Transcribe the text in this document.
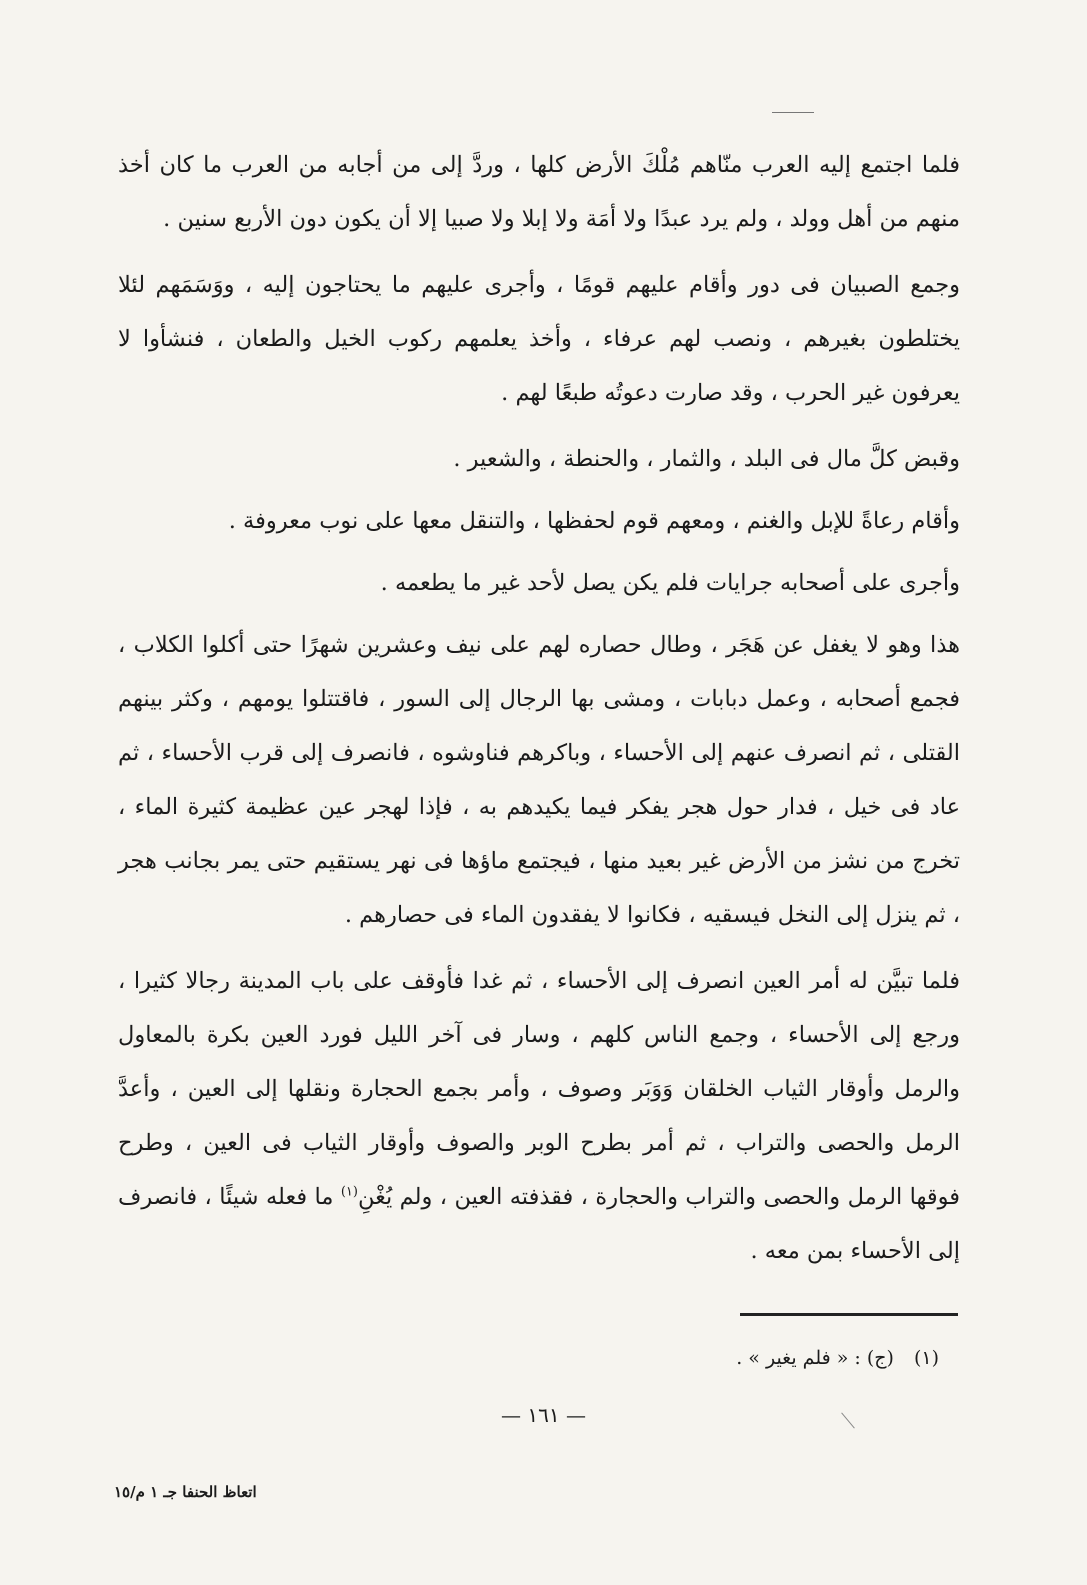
فلما اجتمع إليه العرب منّاهم مُلْكَ الأرض كلها ، وردَّ إلى من أجابه من العرب ما كان أخذ منهم من أهل وولد ، ولم يرد عبدًا ولا أمَة ولا إبلا ولا صبيا إلا أن يكون دون الأربع سنين .

وجمع الصبيان فى دور وأقام عليهم قومًا ، وأجرى عليهم ما يحتاجون إليه ، ووَسَمَهم لئلا يختلطون بغيرهم ، ونصب لهم عرفاء ، وأخذ يعلمهم ركوب الخيل والطعان ، فنشأوا لا يعرفون غير الحرب ، وقد صارت دعوتُه طبعًا لهم .

وقبض كلَّ مال فى البلد ، والثمار ، والحنطة ، والشعير .

وأقام رعاةً للإبل والغنم ، ومعهم قوم لحفظها ، والتنقل معها على نوب معروفة .

وأجرى على أصحابه جرايات فلم يكن يصل لأحد غير ما يطعمه .

هذا وهو لا يغفل عن هَجَر ، وطال حصاره لهم على نيف وعشرين شهرًا حتى أكلوا الكلاب ، فجمع أصحابه ، وعمل دبابات ، ومشى بها الرجال إلى السور ، فاقتتلوا يومهم ، وكثر بينهم القتلى ، ثم انصرف عنهم إلى الأحساء ، وباكرهم فناوشوه ، فانصرف إلى قرب الأحساء ، ثم عاد فى خيل ، فدار حول هجر يفكر فيما يكيدهم به ، فإذا لهجر عين عظيمة كثيرة الماء ، تخرج من نشز من الأرض غير بعيد منها ، فيجتمع ماؤها فى نهر يستقيم حتى يمر بجانب هجر ، ثم ينزل إلى النخل فيسقيه ، فكانوا لا يفقدون الماء فى حصارهم .

فلما تبيَّن له أمر العين انصرف إلى الأحساء ، ثم غدا فأوقف على باب المدينة رجالا كثيرا ، ورجع إلى الأحساء ، وجمع الناس كلهم ، وسار فى آخر الليل فورد العين بكرة بالمعاول والرمل وأوقار الثياب الخلقان وَوَبَر وصوف ، وأمر بجمع الحجارة ونقلها إلى العين ، وأعدَّ الرمل والحصى والتراب ، ثم أمر بطرح الوبر والصوف وأوقار الثياب فى العين ، وطرح فوقها الرمل والحصى والتراب والحجارة ، فقذفته العين ، ولم يُغْنِ$^{(١)}$ ما فعله شيئًا ، فانصرف إلى الأحساء بمن معه .

(١)
(ج) : « فلم يغير » .
— ١٦١ —
اتعاظ الحنفا جـ ١ م/١٥
